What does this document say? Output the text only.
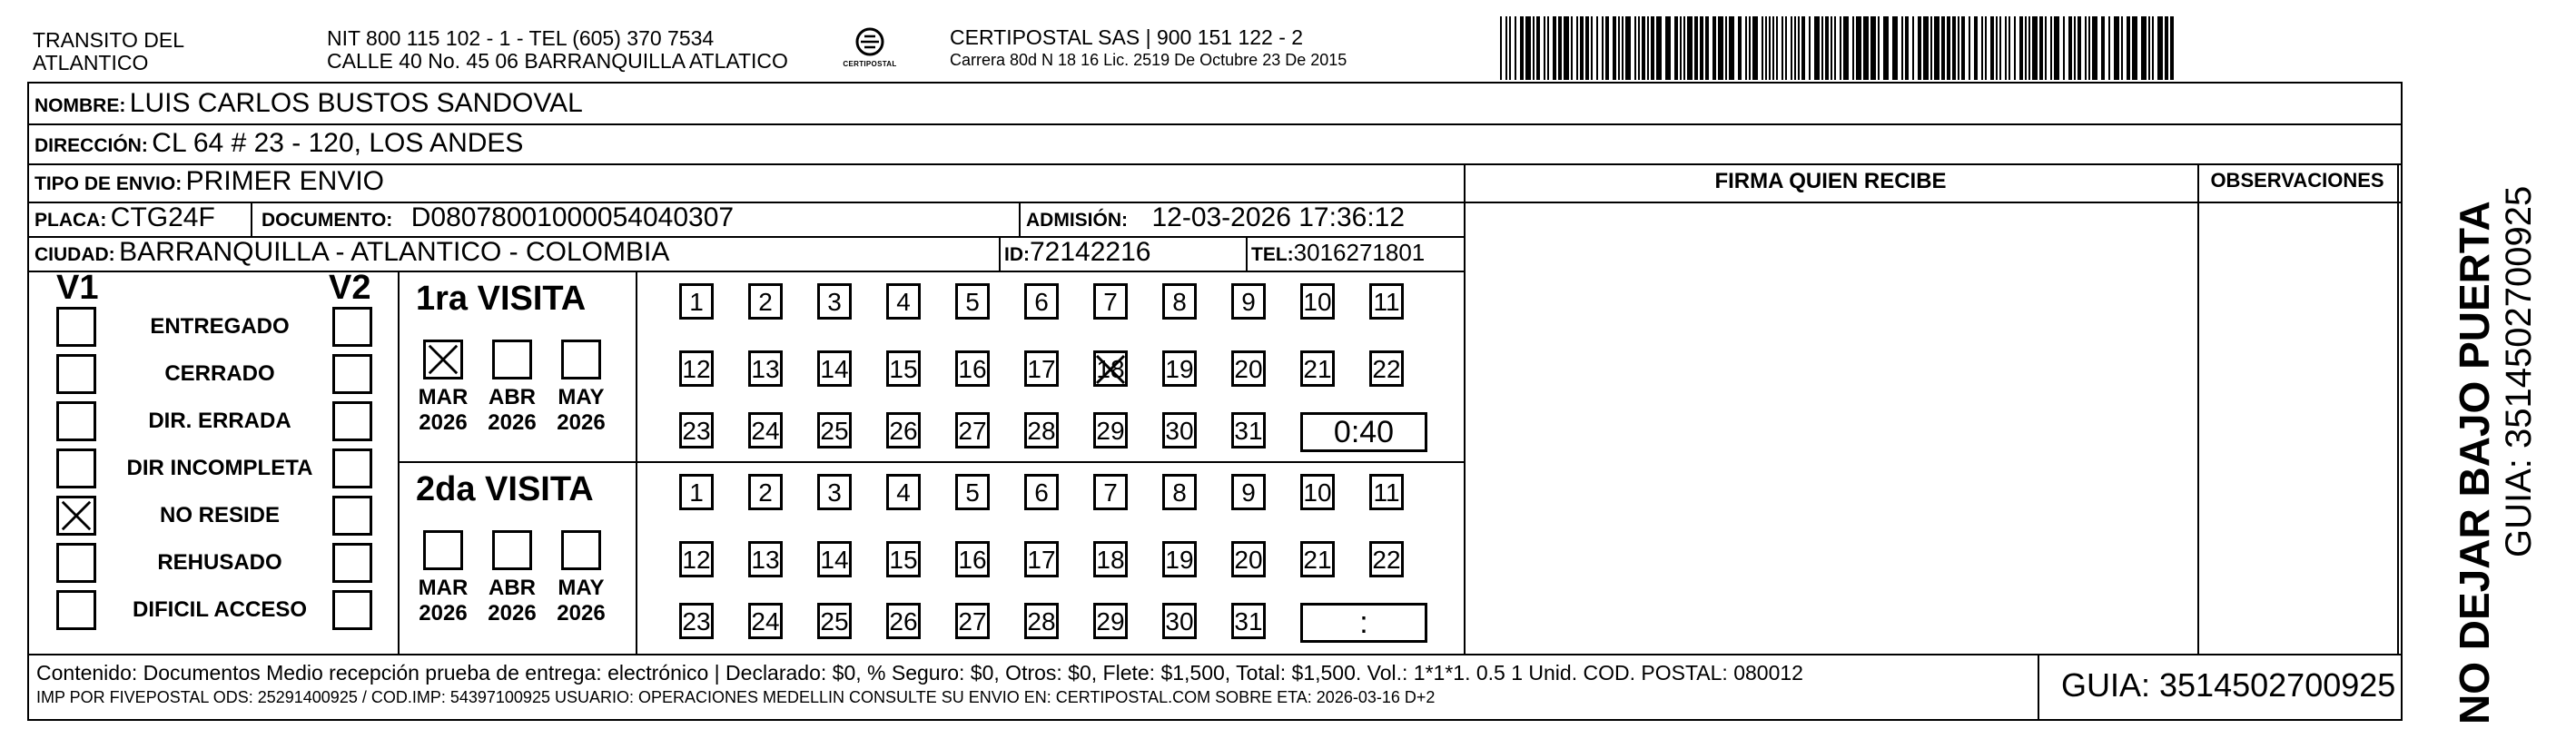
TRANSITO DEL
ATLANTICO
NIT 800 115 102 - 1 - TEL (605) 370 7534
CALLE 40 No. 45 06 BARRANQUILLA ATLATICO	CERTIPOSTAL
CERTIPOSTAL SAS | 900 151 122 - 2
Carrera 80d N 18 16 Lic. 2519 De Octubre 23 De 2015
NOMBRE: LUIS CARLOS BUSTOS SANDOVAL
DIRECCIÓN: CL 64 # 23 - 120, LOS ANDES
TIPO DE ENVIO: PRIMER ENVIO
PLACA: CTG24F DOCUMENTO: D08078001000054040307	ADMISIÓN: 12-03-2026 17:36:12
CIUDAD: BARRANQUILLA - ATLANTICO - COLOMBIA	ID:72142216	TEL:3016271801
FIRMA QUIEN RECIBE	OBSERVACIONES
V1	V2
ENTREGADO
CERRADO
DIR. ERRADA
DIR INCOMPLETA
NO RESIDE
REHUSADO
DIFICIL ACCESO
1ra VISITA
MAR
2026
ABR
2026
MAY
2026
1	2	3	4	5	6	7	8	9	10 11
12 13 14 15 16 17 18 19 20 21 22
23 24 25 26 27 28 29 30 31	0:40
2da VISITA
MAR
2026
ABR
2026
MAY
2026
1	2	3	4	5	6	7	8	9	10 11
12 13 14 15 16 17 18 19 20 21 22
23 24 25 26 27 28 29 30 31	:
Contenido: Documentos Medio recepción prueba de entrega: electrónico | Declarado: $0, % Seguro: $0, Otros: $0, Flete: $1,500, Total: $1,500. Vol.: 1*1*1. 0.5 1 Unid. COD. POSTAL: 080012
IMP POR FIVEPOSTAL ODS: 25291400925 / COD.IMP: 54397100925 USUARIO: OPERACIONES MEDELLIN CONSULTE SU ENVIO EN: CERTIPOSTAL.COM SOBRE ETA: 2026-03-16 D+2	GUIA: 3514502700925 NO DEJAR BAJO PUERTA GUIA: 3514502700925
